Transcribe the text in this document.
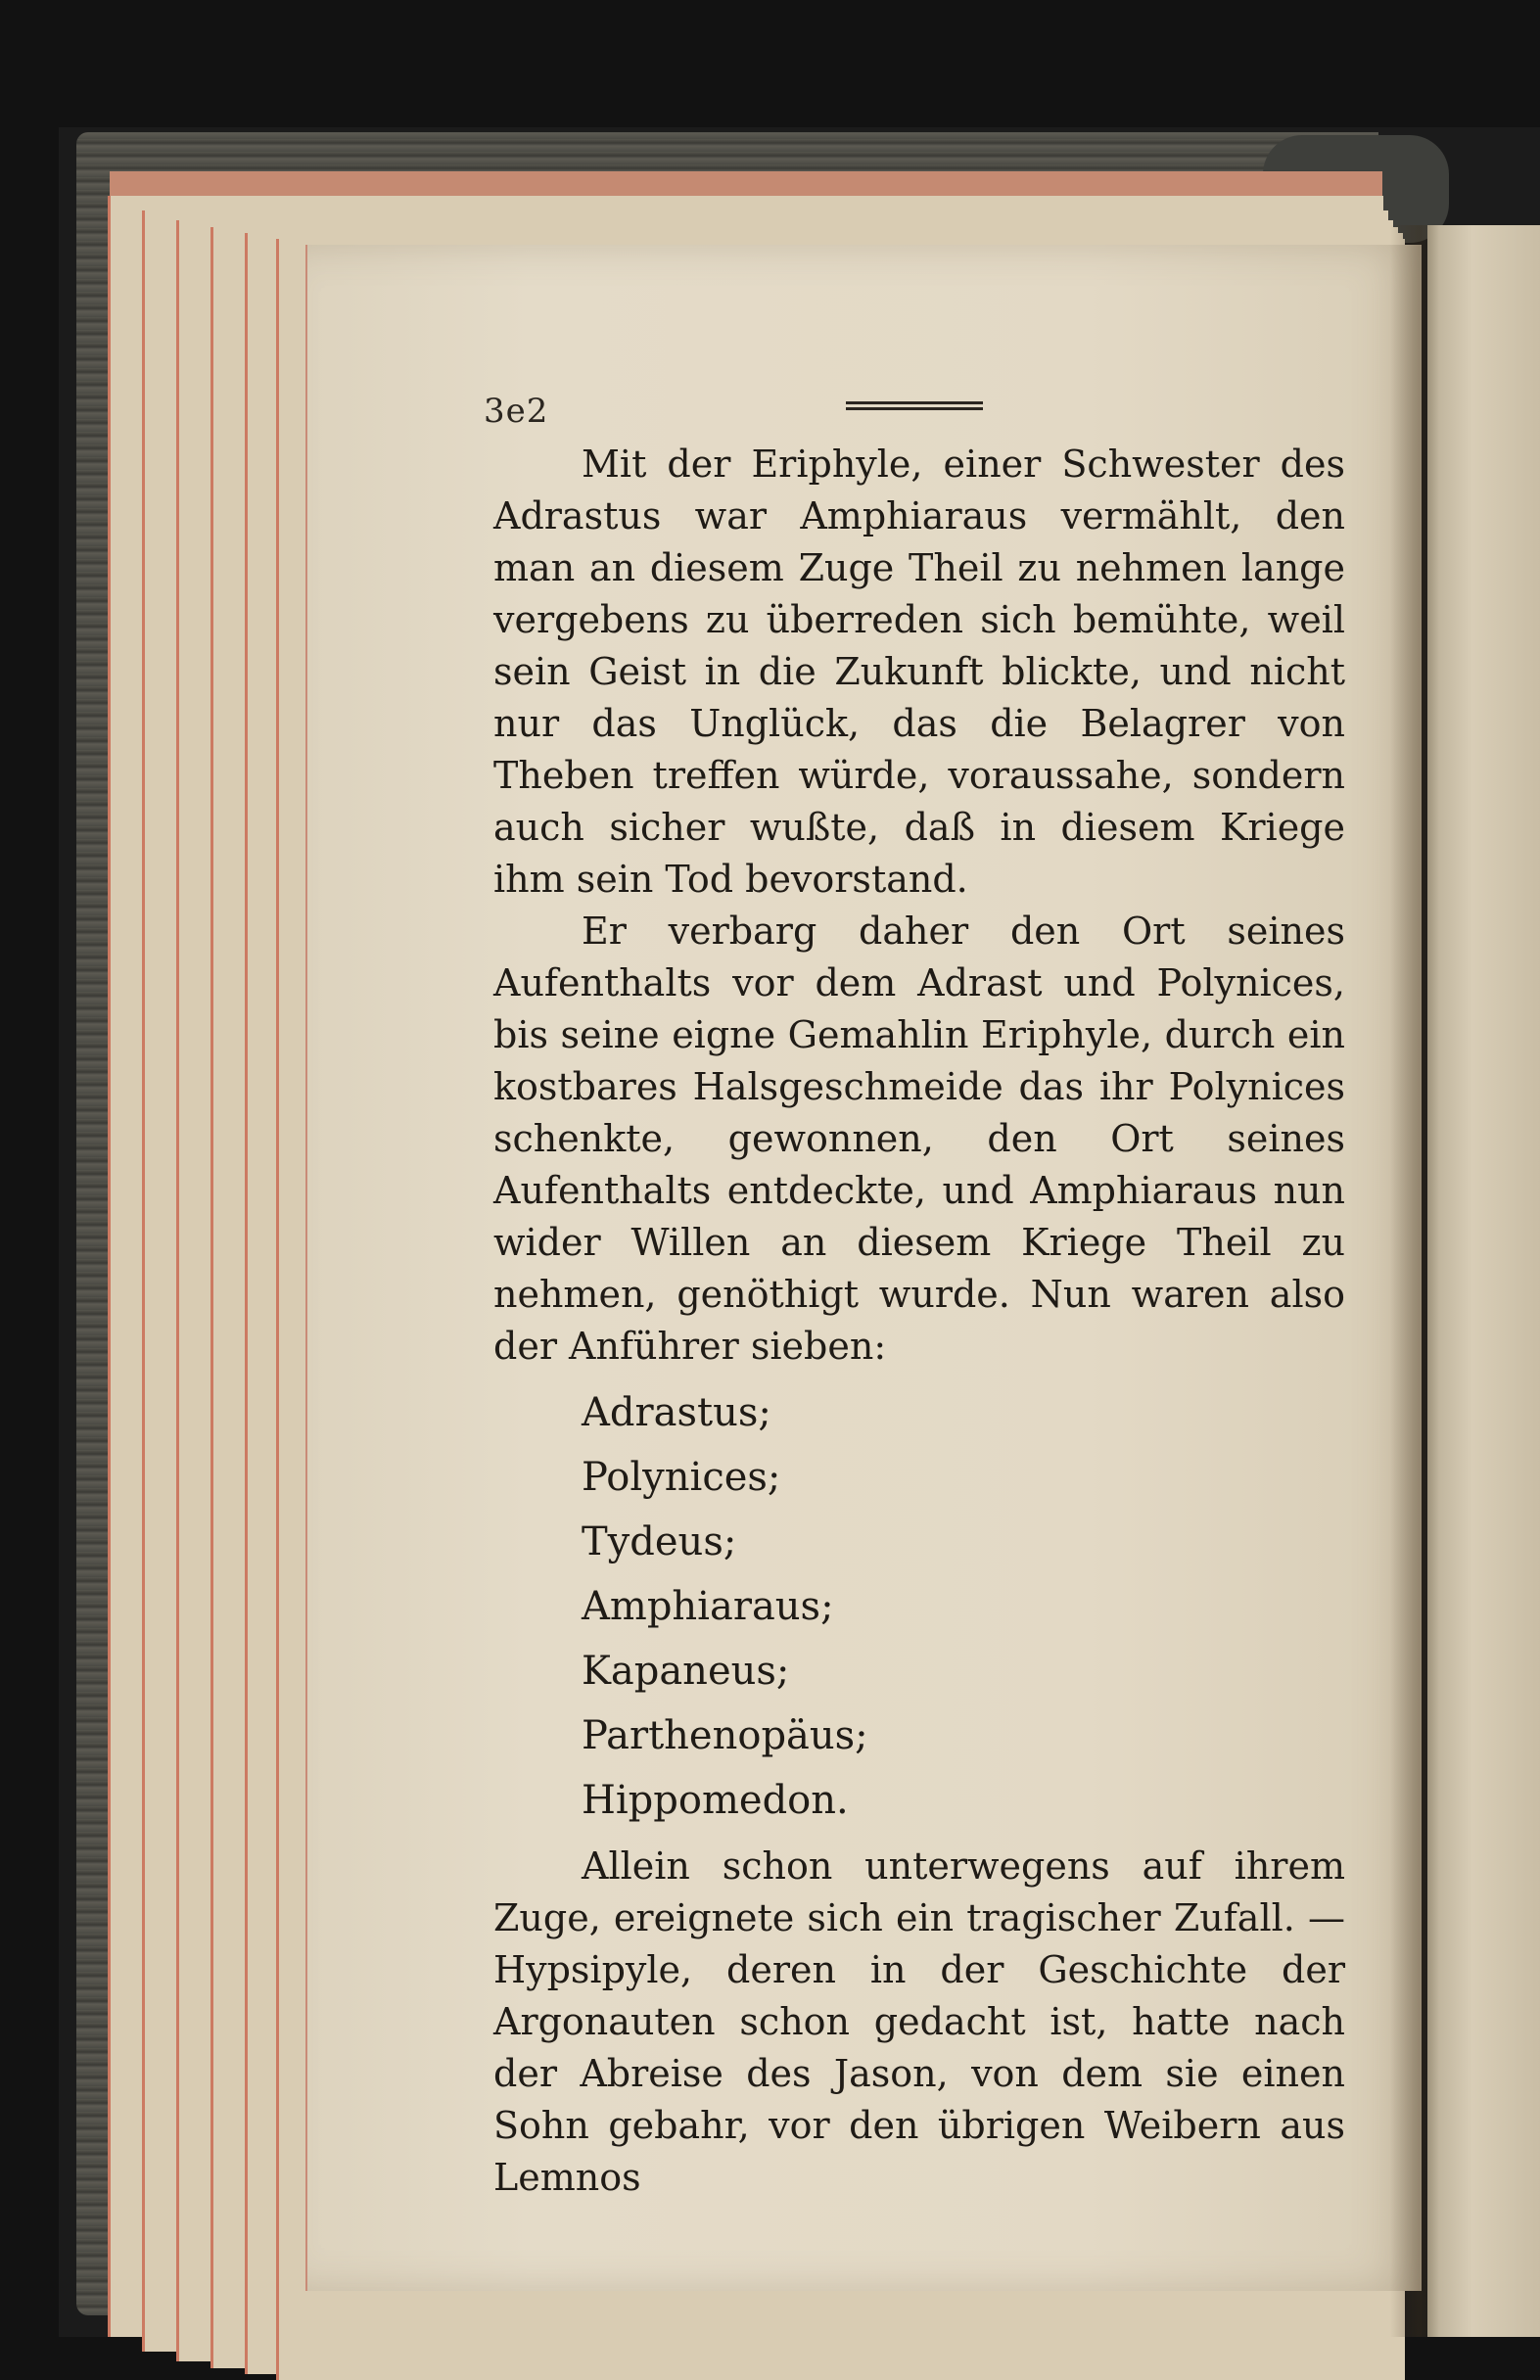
3e2

Mit der Eriphyle, einer Schwester des Adrastus war Amphiaraus vermählt, den man an diesem Zuge Theil zu nehmen lange vergebens zu überreden sich bemühte, weil sein Geist in die Zukunft blickte, und nicht nur das Unglück, das die Belagrer von Theben treffen würde, voraussahe, sondern auch sicher wußte, daß in diesem Kriege ihm sein Tod bevorstand.

Er verbarg daher den Ort seines Aufenthalts vor dem Adrast und Polynices, bis seine eigne Gemahlin Eriphyle, durch ein kostbares Halsgeschmeide das ihr Polynices schenkte, gewonnen, den Ort seines Aufenthalts entdeckte, und Amphiaraus nun wider Willen an diesem Kriege Theil zu nehmen, genöthigt wurde. Nun waren also der Anführer sieben:

Adrastus;
Polynices;
Tydeus;
Amphiaraus;
Kapaneus;
Parthenopäus;
Hippomedon.

Allein schon unterwegens auf ihrem Zuge, ereignete sich ein tragischer Zufall. — Hypsipyle, deren in der Geschichte der Argonauten schon gedacht ist, hatte nach der Abreise des Jason, von dem sie einen Sohn gebahr, vor den übrigen Weibern aus Lemnos
